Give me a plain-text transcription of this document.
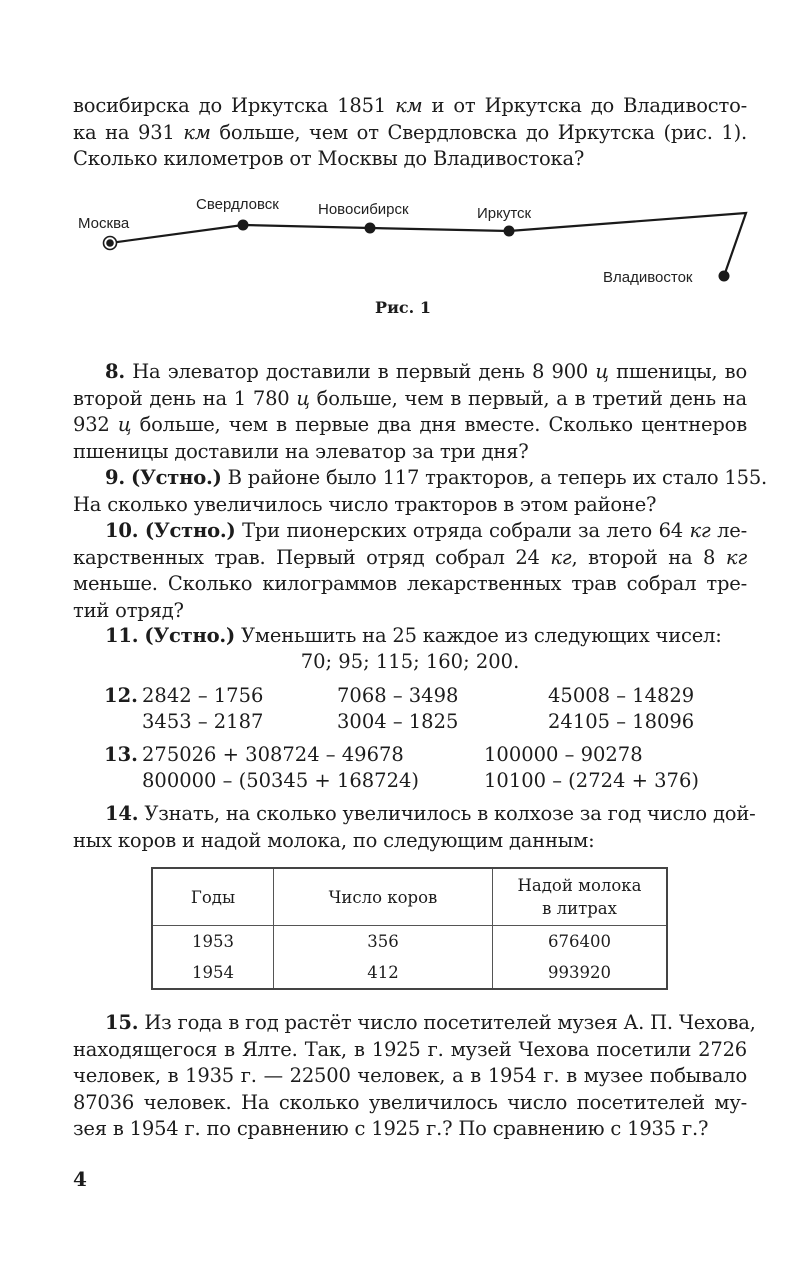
восибирска до Иркутска 1851 км и от Иркутска до Владивосто-
ка на 931 км больше, чем от Свердловска до Иркутска (рис. 1).
Сколько километров от Москвы до Владивостока?
Москва
Свердловск	Новосибирск	Иркутск
Владивосток
Рис. 1
8. На элеватор доставили в первый день 8 900 ц пшеницы, во
второй день на 1 780 ц больше, чем в первый, а в третий день на
932 ц больше, чем в первые два дня вместе. Сколько центнеров
пшеницы доставили на элеватор за три дня?
9. (Устно.) В районе было 117 тракторов, а теперь их стало 155.
На сколько увеличилось число тракторов в этом районе?
10. (Устно.) Три пионерских отряда собрали за лето 64 кг ле-
карственных трав. Первый отряд собрал 24 кг, второй на 8 кг
меньше. Сколько килограммов лекарственных трав собрал тре-
тий отряд?
11. (Устно.) Уменьшить на 25 каждое из следующих чисел:
70; 95; 115; 160; 200.
12. 2842 – 1756	7068 – 3498	45008 – 14829
3453 – 2187	3004 – 1825	24105 – 18096
13. 275026 + 308724 – 49678	100000 – 90278
800000 – (50345 + 168724)	10100 – (2724 + 376)
14. Узнать, на сколько увеличилось в колхозе за год число дой-
ных коров и надой молока, по следующим данным:
Годы	Число коров	Надой молока
в литрах
1953	356	676400
1954	412	993920
15. Из года в год растёт число посетителей музея А. П. Чехова,
находящегося в Ялте. Так, в 1925 г. музей Чехова посетили 2726
человек, в 1935 г. — 22500 человек, а в 1954 г. в музее побывало
87036 человек. На сколько увеличилось число посетителей му-
зея в 1954 г. по сравнению с 1925 г.? По сравнению с 1935 г.?
4
